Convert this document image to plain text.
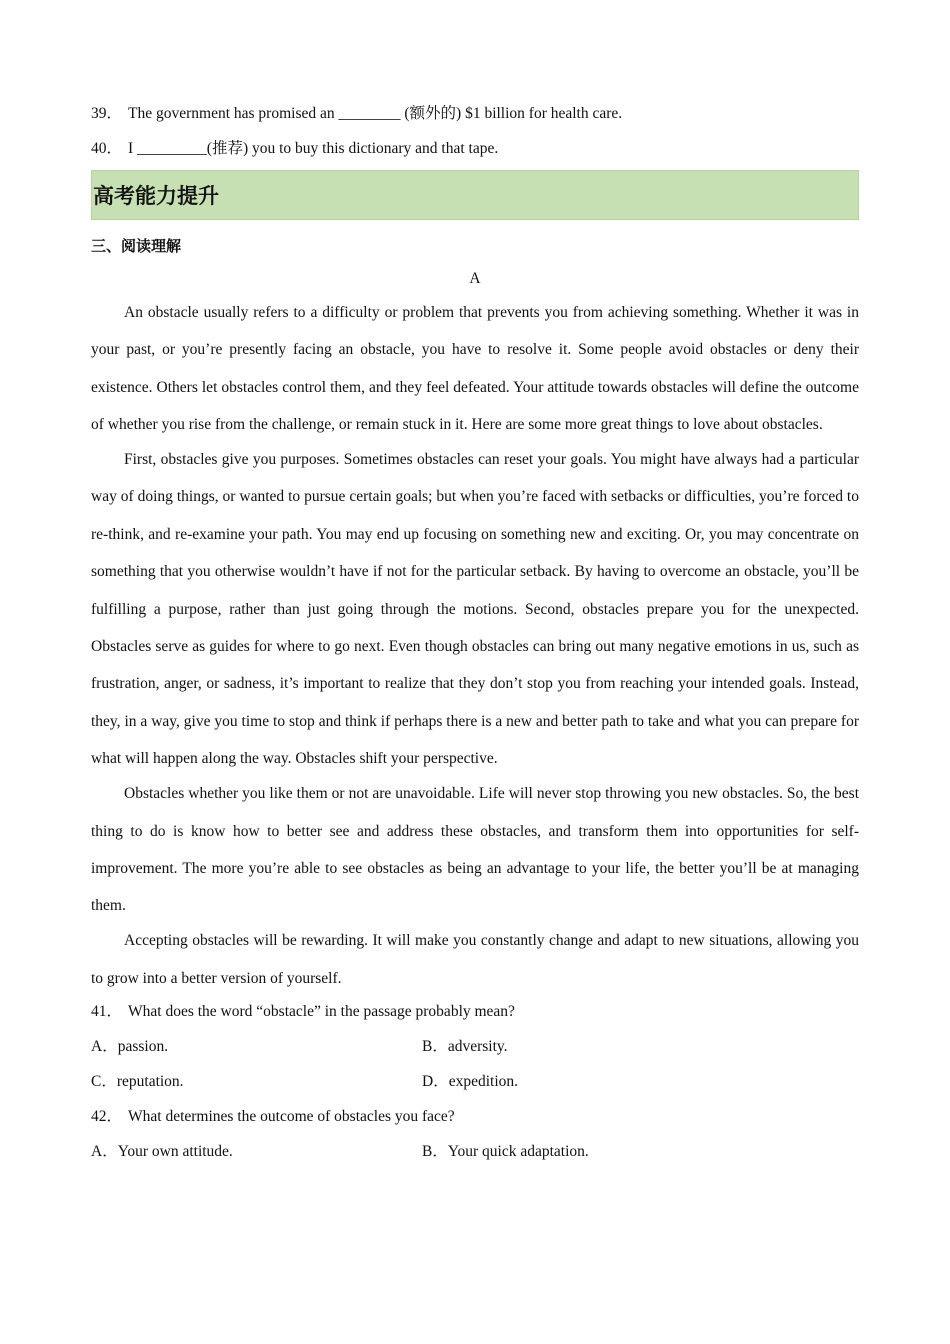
39． The government has promised an ________ (额外的) $1 billion for health care.
40． I _________(推荐) you to buy this dictionary and that tape.
高考能力提升
三、阅读理解
A

An obstacle usually refers to a difficulty or problem that prevents you from achieving something. Whether it was in your past, or you’re presently facing an obstacle, you have to resolve it. Some people avoid obstacles or deny their existence. Others let obstacles control them, and they feel defeated. Your attitude towards obstacles will define the outcome of whether you rise from the challenge, or remain stuck in it. Here are some more great things to love about obstacles.

First, obstacles give you purposes. Sometimes obstacles can reset your goals. You might have always had a particular way of doing things, or wanted to pursue certain goals; but when you’re faced with setbacks or difficulties, you’re forced to re-think, and re-examine your path. You may end up focusing on something new and exciting. Or, you may concentrate on something that you otherwise wouldn’t have if not for the particular setback. By having to overcome an obstacle, you’ll be fulfilling a purpose, rather than just going through the motions. Second, obstacles prepare you for the unexpected. Obstacles serve as guides for where to go next. Even though obstacles can bring out many negative emotions in us, such as frustration, anger, or sadness, it’s important to realize that they don’t stop you from reaching your intended goals. Instead, they, in a way, give you time to stop and think if perhaps there is a new and better path to take and what you can prepare for what will happen along the way. Obstacles shift your perspective.

Obstacles whether you like them or not are unavoidable. Life will never stop throwing you new obstacles. So, the best thing to do is know how to better see and address these obstacles, and transform them into opportunities for self-improvement. The more you’re able to see obstacles as being an advantage to your life, the better you’ll be at managing them.

Accepting obstacles will be rewarding. It will make you constantly change and adapt to new situations, allowing you to grow into a better version of yourself.

41． What does the word “obstacle” in the passage probably mean?
A．passion.	B．adversity.
C．reputation.	D．expedition.
42． What determines the outcome of obstacles you face?
A．Your own attitude.	B．Your quick adaptation.
